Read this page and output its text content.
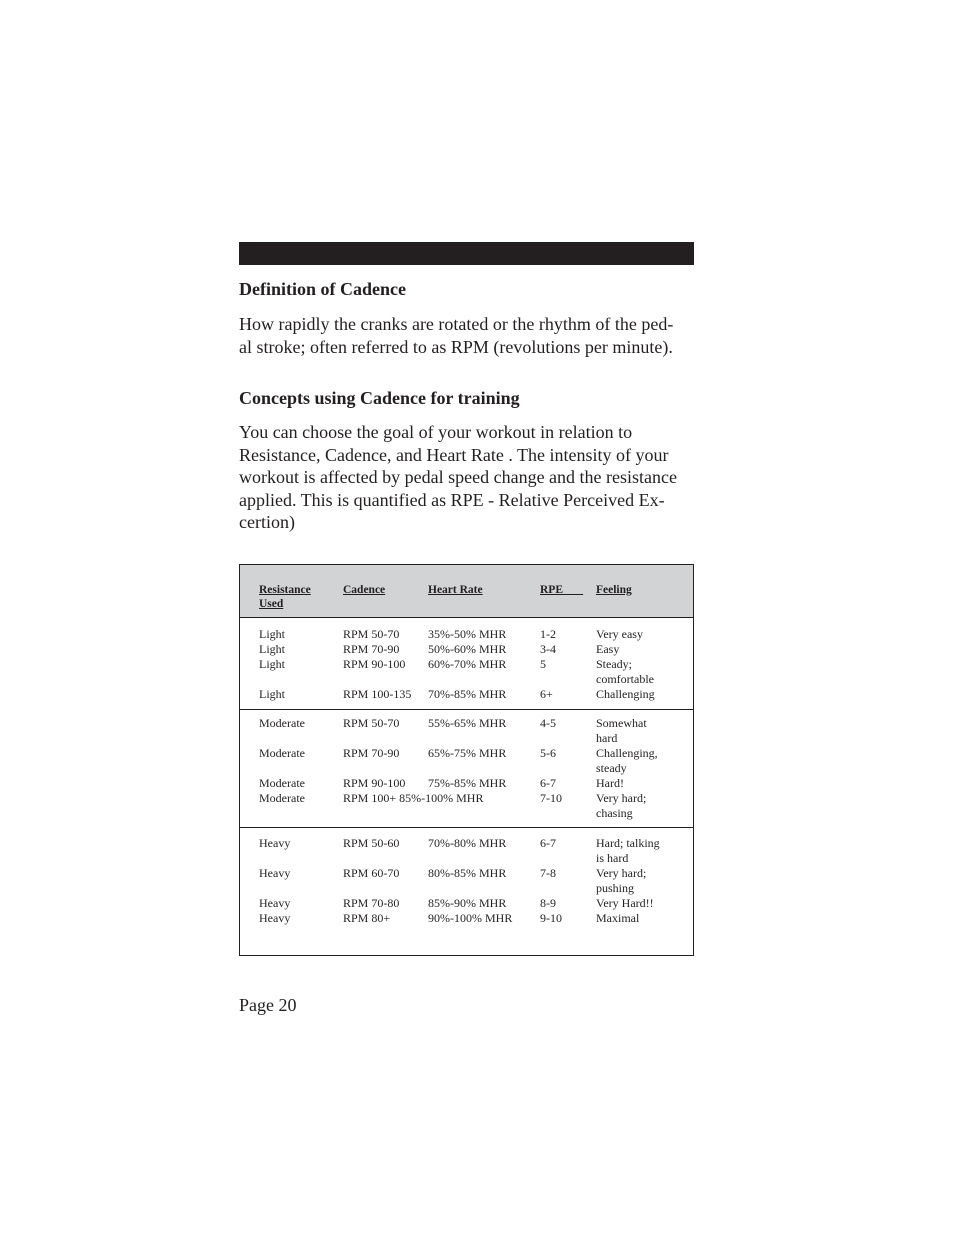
Definition of Cadence

How rapidly the cranks are rotated or the rhythm of the ped-
al stroke; often referred to as RPM (revolutions per minute).

Concepts using Cadence for training

You can choose the goal of your workout in relation to
Resistance, Cadence, and Heart Rate . The intensity of your
workout is affected by pedal speed change and the resistance
applied. This is quantified as RPE - Relative Perceived Ex-
certion)

Resistance
Used
Cadence	Heart Rate	RPE	Feeling
Light	RPM 50-70 35%-50% MHR	1-2	Very easy
Light	RPM 70-90 50%-60% MHR	3-4	Easy
Light	RPM 90-100 60%-70% MHR	5	Steady;
comfortable
Light	RPM 100-135 70%-85% MHR	6+	Challenging
Moderate	RPM 50-70 55%-65% MHR	4-5	Somewhat
hard
Moderate	RPM 70-90 65%-75% MHR	5-6	Challenging,
steady
Moderate	RPM 90-100 75%-85% MHR	6-7	Hard!
Moderate	RPM 100+ 85%-100% MHR	7-10	Very hard;
chasing
Heavy	RPM 50-60 70%-80% MHR	6-7	Hard; talking
is hard
Heavy	RPM 60-70 80%-85% MHR	7-8	Very hard;
pushing
Heavy	RPM 70-80 85%-90% MHR	8-9	Very Hard!!
Heavy	RPM 80+	90%-100% MHR 9-10	Maximal
Page 20
